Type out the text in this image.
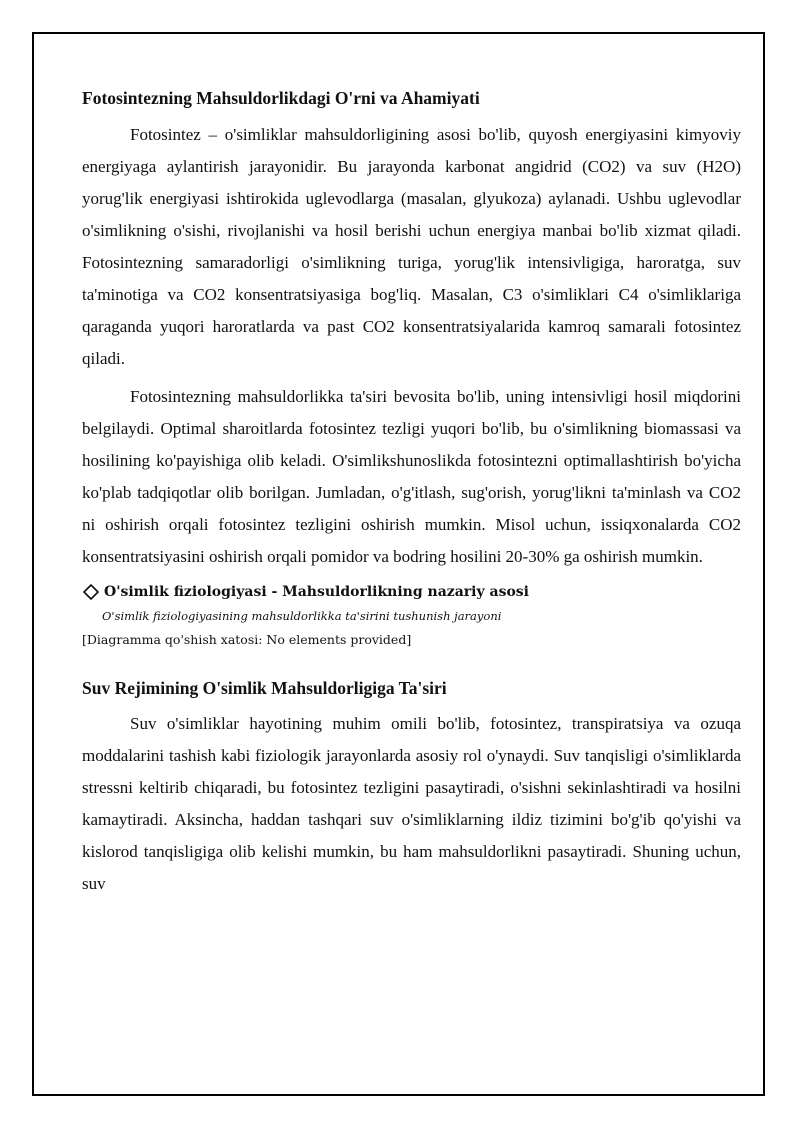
Fotosintezning Mahsuldorlikdagi O'rni va Ahamiyati

Fotosintez – o'simliklar mahsuldorligining asosi bo'lib, quyosh energiyasini kimyoviy energiyaga aylantirish jarayonidir. Bu jarayonda karbonat angidrid (CO2) va suv (H2O) yorug'lik energiyasi ishtirokida uglevodlarga (masalan, glyukoza) aylanadi. Ushbu uglevodlar o'simlikning o'sishi, rivojlanishi va hosil berishi uchun energiya manbai bo'lib xizmat qiladi. Fotosintezning samaradorligi o'simlikning turiga, yorug'lik intensivligiga, haroratga, suv ta'minotiga va CO2 konsentratsiyasiga bog'liq. Masalan, C3 o'simliklari C4 o'simliklariga qaraganda yuqori haroratlarda va past CO2 konsentratsiyalarida kamroq samarali fotosintez qiladi.

Fotosintezning mahsuldorlikka ta'siri bevosita bo'lib, uning intensivligi hosil miqdorini belgilaydi. Optimal sharoitlarda fotosintez tezligi yuqori bo'lib, bu o'simlikning biomassasi va hosilining ko'payishiga olib keladi. O'simlikshunoslikda fotosintezni optimallashtirish bo'yicha ko'plab tadqiqotlar olib borilgan. Jumladan, o'g'itlash, sug'orish, yorug'likni ta'minlash va CO2 ni oshirish orqali fotosintez tezligini oshirish mumkin. Misol uchun, issiqxonalarda CO2 konsentratsiyasini oshirish orqali pomidor va bodring hosilini 20-30% ga oshirish mumkin.

O'simlik fiziologiyasi - Mahsuldorlikning nazariy asosi
O'simlik fiziologiyasining mahsuldorlikka ta'sirini tushunish jarayoni
[Diagramma qo'shish xatosi: No elements provided]
Suv Rejimining O'simlik Mahsuldorligiga Ta'siri

Suv o'simliklar hayotining muhim omili bo'lib, fotosintez, transpiratsiya va ozuqa moddalarini tashish kabi fiziologik jarayonlarda asosiy rol o'ynaydi. Suv tanqisligi o'simliklarda stressni keltirib chiqaradi, bu fotosintez tezligini pasaytiradi, o'sishni sekinlashtiradi va hosilni kamaytiradi. Aksincha, haddan tashqari suv o'simliklarning ildiz tizimini bo'g'ib qo'yishi va kislorod tanqisligiga olib kelishi mumkin, bu ham mahsuldorlikni pasaytiradi. Shuning uchun, suv
